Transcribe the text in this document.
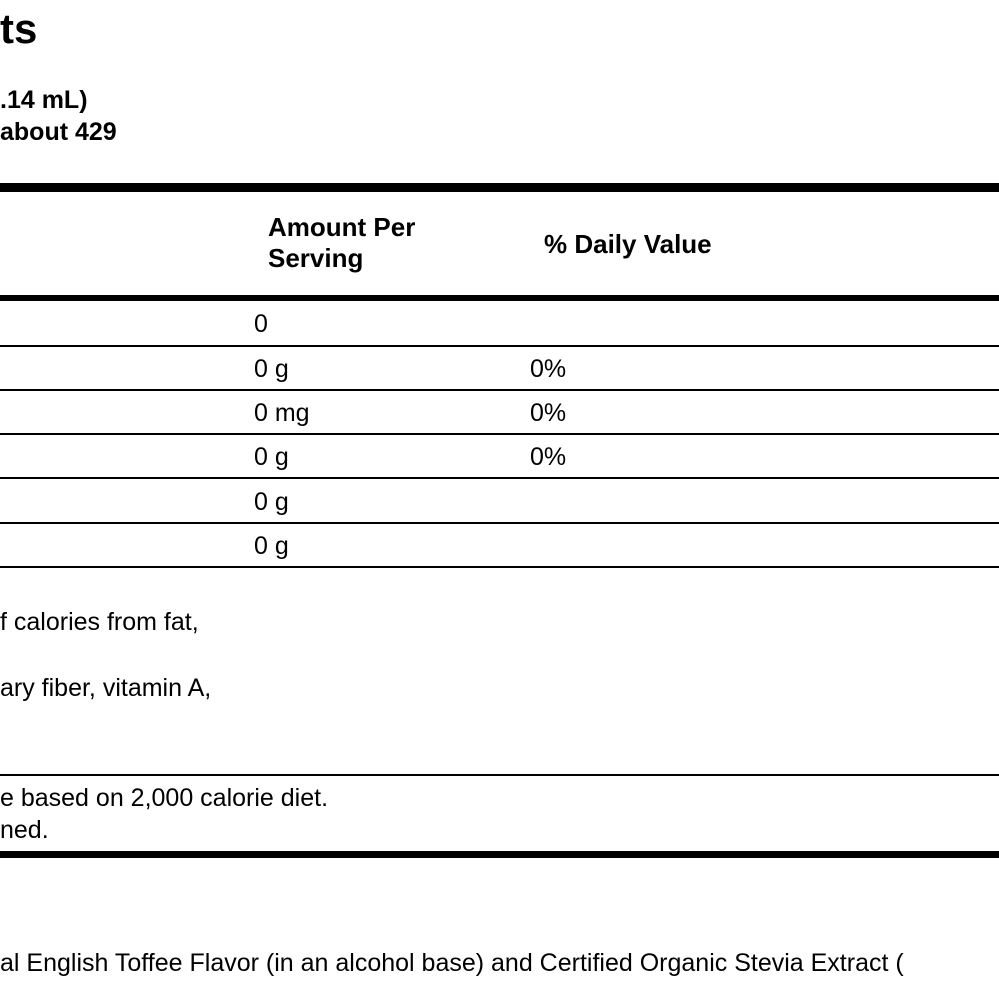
ts
.14 mL)
about 429
Amount Per
Serving	% Daily Value
0
0 g	0%
0 mg	0%
0 g	0%
0 g
0 g
f calories from fat,
ary fiber, vitamin A,
e based on 2,000 calorie diet.
ned.
al English Toffee Flavor (in an alcohol base) and Certified Organic Stevia Extract (
